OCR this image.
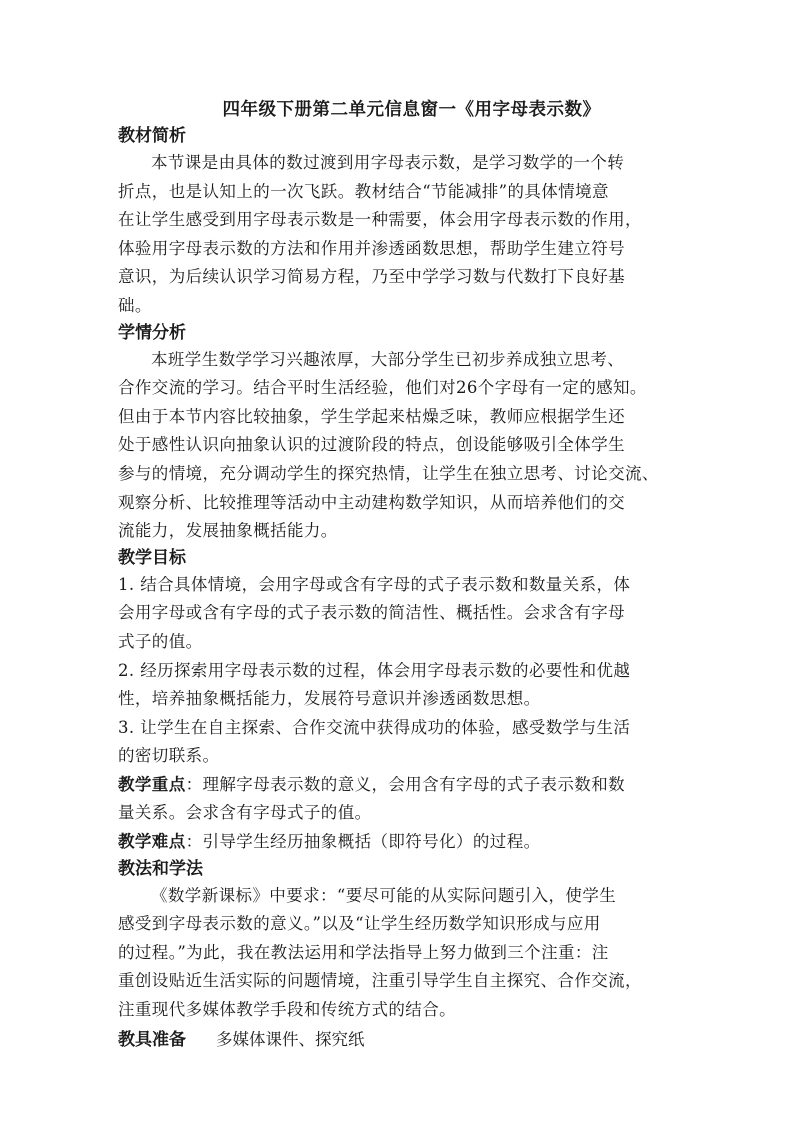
四年级下册第二单元信息窗一《用字母表示数》
教材简析

本节课是由具体的数过渡到用字母表示数，是学习数学的一个转
折点，也是认知上的一次飞跃。教材结合“节能减排”的具体情境意
在让学生感受到用字母表示数是一种需要，体会用字母表示数的作用，
体验用字母表示数的方法和作用并渗透函数思想，帮助学生建立符号
意识，为后续认识学习简易方程，乃至中学学习数与代数打下良好基
础。

学情分析

本班学生数学学习兴趣浓厚，大部分学生已初步养成独立思考、
合作交流的学习。结合平时生活经验，他们对26个字母有一定的感知。
但由于本节内容比较抽象，学生学起来枯燥乏味，教师应根据学生还
处于感性认识向抽象认识的过渡阶段的特点，创设能够吸引全体学生
参与的情境，充分调动学生的探究热情，让学生在独立思考、讨论交流、
观察分析、比较推理等活动中主动建构数学知识，从而培养他们的交
流能力，发展抽象概括能力。

教学目标

1. 结合具体情境，会用字母或含有字母的式子表示数和数量关系，体
会用字母或含有字母的式子表示数的简洁性、概括性。会求含有字母
式子的值。

2. 经历探索用字母表示数的过程，体会用字母表示数的必要性和优越
性，培养抽象概括能力，发展符号意识并渗透函数思想。

3. 让学生在自主探索、合作交流中获得成功的体验，感受数学与生活
的密切联系。

教学重点：理解字母表示数的意义，会用含有字母的式子表示数和数
量关系。会求含有字母式子的值。

教学难点：引导学生经历抽象概括（即符号化）的过程。

教法和学法

《数学新课标》中要求：“要尽可能的从实际问题引入，使学生
感受到字母表示数的意义。”以及“让学生经历数学知识形成与应用
的过程。”为此，我在教法运用和学法指导上努力做到三个注重：注
重创设贴近生活实际的问题情境，注重引导学生自主探究、合作交流，
注重现代多媒体教学手段和传统方式的结合。

教具准备 多媒体课件、探究纸
